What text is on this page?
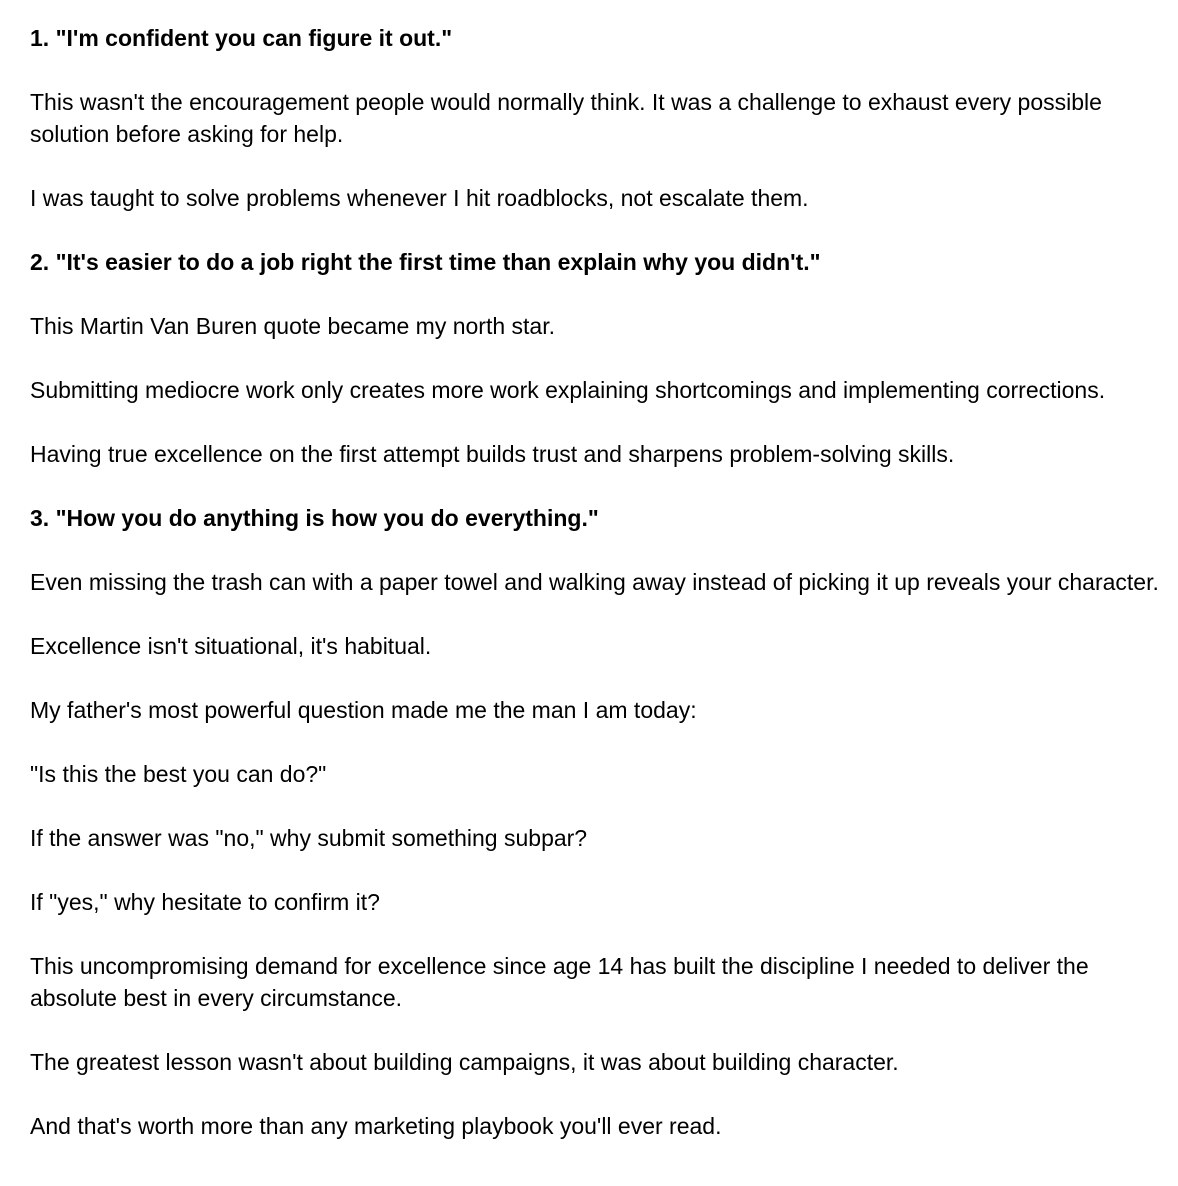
1. "I'm confident you can figure it out."

This wasn't the encouragement people would normally think. It was a challenge to exhaust every possible solution before asking for help.

I was taught to solve problems whenever I hit roadblocks, not escalate them.

2. "It's easier to do a job right the first time than explain why you didn't."

This Martin Van Buren quote became my north star.

Submitting mediocre work only creates more work explaining shortcomings and implementing corrections.

Having true excellence on the first attempt builds trust and sharpens problem-solving skills.

3. "How you do anything is how you do everything."

Even missing the trash can with a paper towel and walking away instead of picking it up reveals your character.

Excellence isn't situational, it's habitual.

My father's most powerful question made me the man I am today:

"Is this the best you can do?"

If the answer was "no," why submit something subpar?

If "yes," why hesitate to confirm it?

This uncompromising demand for excellence since age 14 has built the discipline I needed to deliver the absolute best in every circumstance.

The greatest lesson wasn't about building campaigns, it was about building character.

And that's worth more than any marketing playbook you'll ever read.
